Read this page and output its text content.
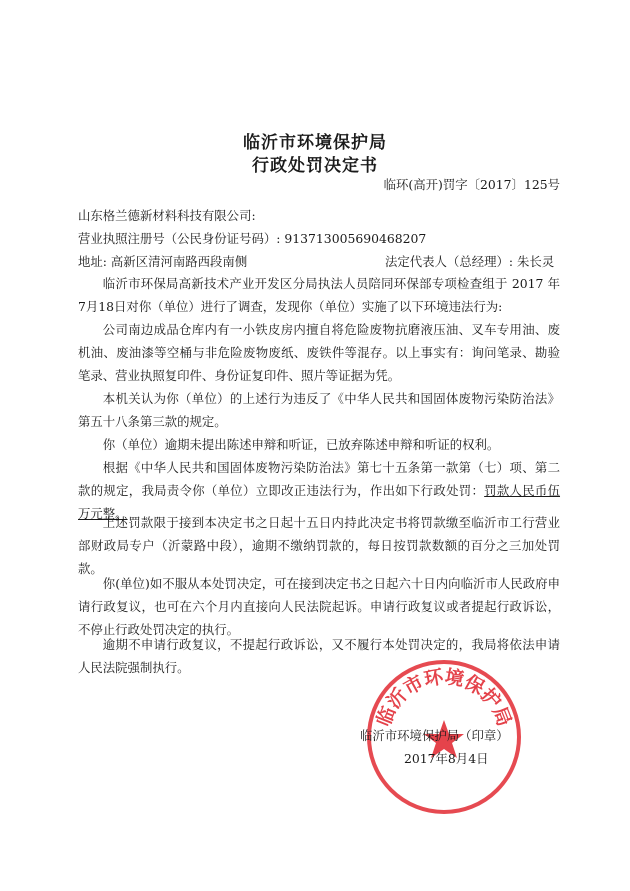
临沂市环境保护局
行政处罚决定书
临环(高开)罚字〔2017〕125号
山东格兰德新材料科技有限公司:
营业执照注册号（公民身份证号码）: 913713005690468207
地址: 高新区清河南路西段南侧	法定代表人（总经理）: 朱长灵
临沂市环保局高新技术产业开发区分局执法人员陪同环保部专项检查组于 2017 年 7月18日对你（单位）进行了调查，发现你（单位）实施了以下环境违法行为:
公司南边成品仓库内有一小铁皮房内擅自将危险废物抗磨液压油、叉车专用油、废机油、废油漆等空桶与非危险废物废纸、废铁件等混存。以上事实有：询问笔录、勘验笔录、营业执照复印件、身份证复印件、照片等证据为凭。
本机关认为你（单位）的上述行为违反了《中华人民共和国固体废物污染防治法》第五十八条第三款的规定。
你（单位）逾期未提出陈述申辩和听证，已放弃陈述申辩和听证的权利。
根据《中华人民共和国固体废物污染防治法》第七十五条第一款第（七）项、第二款的规定，我局责令你（单位）立即改正违法行为，作出如下行政处罚：罚款人民币伍万元整。
上述罚款限于接到本决定书之日起十五日内持此决定书将罚款缴至临沂市工行营业部财政局专户（沂蒙路中段），逾期不缴纳罚款的，每日按罚款数额的百分之三加处罚款。
你(单位)如不服从本处罚决定，可在接到决定书之日起六十日内向临沂市人民政府申请行政复议，也可在六个月内直接向人民法院起诉。申请行政复议或者提起行政诉讼，不停止行政处罚决定的执行。
逾期不申请行政复议，不提起行政诉讼，又不履行本处罚决定的，我局将依法申请人民法院强制执行。
临沂市环境保护局
临沂市环境保护局（印章）
2017年8月4日
